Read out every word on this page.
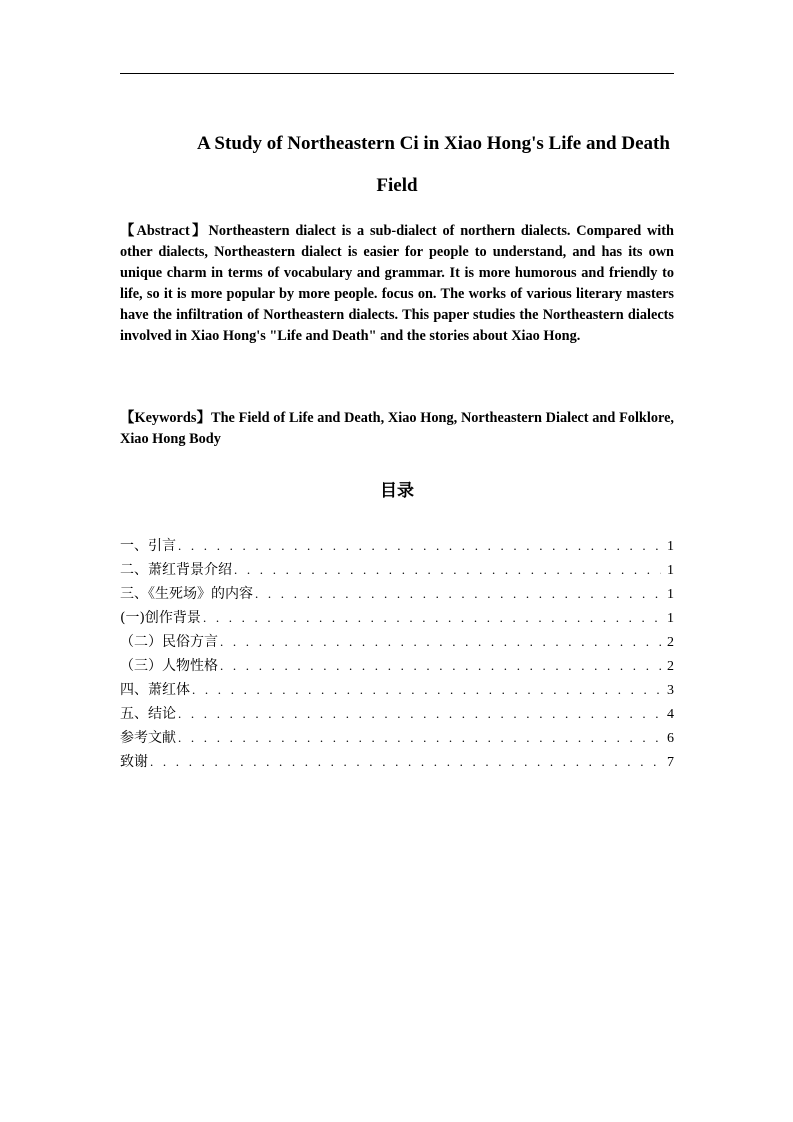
A Study of Northeastern Ci in Xiao Hong's Life and Death
Field

【Abstract】Northeastern dialect is a sub-dialect of northern dialects. Compared with other dialects, Northeastern dialect is easier for people to understand, and has its own unique charm in terms of vocabulary and grammar. It is more humorous and friendly to life, so it is more popular by more people. focus on. The works of various literary masters have the infiltration of Northeastern dialects. This paper studies the Northeastern dialects involved in Xiao Hong's "Life and Death" and the stories about Xiao Hong.

【Keywords】The Field of Life and Death, Xiao Hong, Northeastern Dialect and Folklore, Xiao Hong Body

目录
一、引言 . . .	1
二、萧红背景介绍 . . .	1
三、《生死场》的内容 . . .	1
(一)创作背景 . . .	1
（二）民俗方言 . . .	2
（三）人物性格 . . .	2
四、萧红体 . . .	3
五、结论 . . .	4
参考文献 . . .	6
致谢 . . .	7
